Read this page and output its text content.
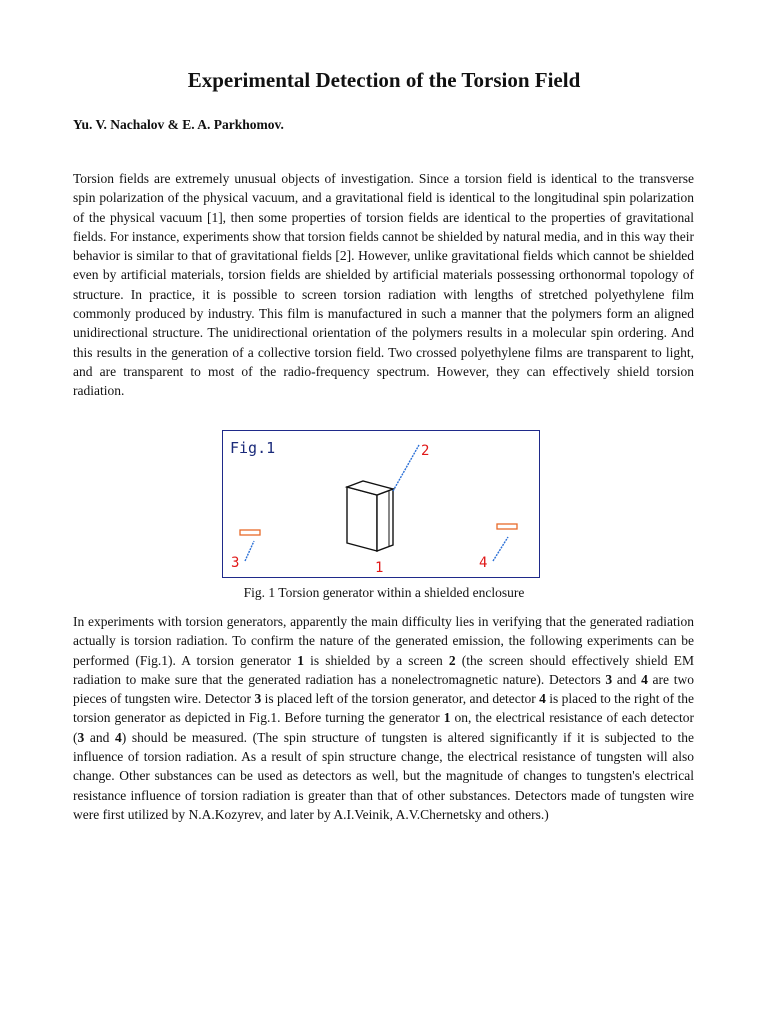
Experimental Detection of the Torsion Field

Yu. V. Nachalov & E. A. Parkhomov.

Torsion fields are extremely unusual objects of investigation. Since a torsion field is identical to the transverse spin polarization of the physical vacuum, and a gravitational field is identical to the longitudinal spin polarization of the physical vacuum [1], then some properties of torsion fields are identical to the properties of gravitational fields. For instance, experiments show that torsion fields cannot be shielded by natural media, and in this way their behavior is similar to that of gravitational fields [2]. However, unlike gravitational fields which cannot be shielded even by artificial materials, torsion fields are shielded by artificial materials possessing orthonormal topology of structure. In practice, it is possible to screen torsion radiation with lengths of stretched polyethylene film commonly produced by industry. This film is manufactured in such a manner that the polymers form an aligned unidirectional structure. The unidirectional orientation of the polymers results in a molecular spin ordering. And this results in the generation of a collective torsion field. Two crossed polyethylene films are transparent to light, and are transparent to most of the radio-frequency spectrum. However, they can effectively shield torsion radiation.

Fig.1	2
3	1	4

Fig. 1 Torsion generator within a shielded enclosure

In experiments with torsion generators, apparently the main difficulty lies in verifying that the generated radiation actually is torsion radiation. To confirm the nature of the generated emission, the following experiments can be performed (Fig.1). A torsion generator 1 is shielded by a screen 2 (the screen should effectively shield EM radiation to make sure that the generated radiation has a nonelectromagnetic nature). Detectors 3 and 4 are two pieces of tungsten wire. Detector 3 is placed left of the torsion generator, and detector 4 is placed to the right of the torsion generator as depicted in Fig.1. Before turning the generator 1 on, the electrical resistance of each detector (3 and 4) should be measured. (The spin structure of tungsten is altered significantly if it is subjected to the influence of torsion radiation. As a result of spin structure change, the electrical resistance of tungsten will also change. Other substances can be used as detectors as well, but the magnitude of changes to tungsten's electrical resistance influence of torsion radiation is greater than that of other substances. Detectors made of tungsten wire were first utilized by N.A.Kozyrev, and later by A.I.Veinik, A.V.Chernetsky and others.)
